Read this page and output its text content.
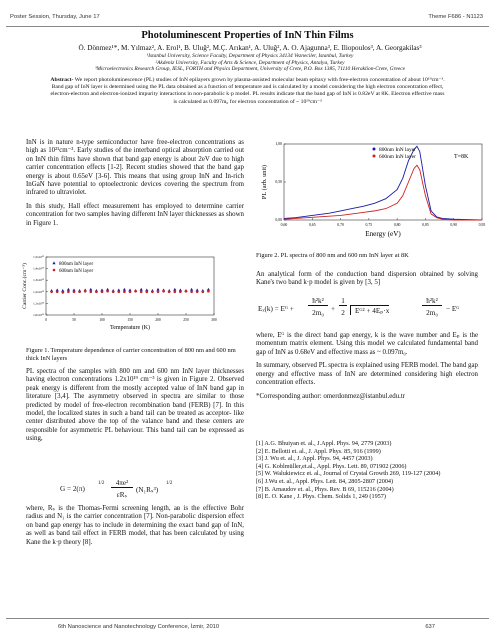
Poster Session, Thursday, June 17	Theme F686 - N1123
Photoluminescent Properties of InN Thin Films
Ö. Dönmez¹*, M. Yılmaz², A. Erol¹, B. Uluğ², M.Ç. Arıkan¹, A. Uluğ², A. O. Ajagunna³, E. Iliopoulos³, A. Georgakilas³
¹Istanbul University, Science Faculty, Department of Physics 34134 Vezneciler, Istanbul, Turkey
²Akdeniz University, Faculty of Arts & Science, Department of Physics, Antalya, Turkey
³Microelectronics Research Group, IESL, FORTH and Physics Department, University of Crete, P.O. Box 1385, 71110 Heraklion-Crete, Greece
Abstract- We report photoluminescence (PL) studies of InN epilayers grown by plasma-assisted molecular beam epitaxy with free-electron concentration of about 10¹⁹cm⁻³. Band gap of InN layer is determined using the PL data obtained as a function of temperature and is calculated by a model considering the high electron concentration effect, electron-electron and electron-ionized impurity interactions in non-parabolic k·p model. PL results indicate that the band gap of InN is 0.82eV at 8K. Electron effective mass is calculated as 0.097m₀ for electron concentration of ~ 10¹⁹cm⁻³

InN is in nature n-type semiconductor have free-electron concentrations as high as 10²¹cm⁻³. Early studies of the interband optical absorption carried out on InN thin films have shown that band gap energy is about 2eV due to high carrier concentration effects [1-2]. Recent studies showed that the band gap energy is about 0.65eV [3-6]. This means that using group InN and In-rich InGaN have potential to optoelectronic devices covering the spectrum from infrared to ultraviolet.

In this study, Hall effect measurement has employed to determine carrier concentration for two samples having different InN layer thicknesses as shown in Figure 1.

0	50	100	150	200	250	300
1,0x10¹⁹
1,1x10¹⁹
1,2x10¹⁹
1,3x10¹⁹
1,4x10¹⁹
1,5x10¹⁹
Temperature (K)
Carrier Conc.(cm⁻³)	800nm InN layer
600nm InN layer
Figure 1. Temperature dependence of carrier concentration of 800 nm and 600 nm thick InN layers

PL spectra of the samples with 800 nm and 600 nm InN layer thicknesses having electron concentrations 1.2x10¹⁹ cm⁻³ is given in Figure 2. Observed peak energy is different from the mostly accepted value of InN band gap in literature [3,4]. The asymmetry observed in spectra are similar to those predicted by model of free-electron recombination band (FERB) [7]. In this model, the localized states in such a band tail can be treated as acceptor- like center distributed above the top of the valance band and these centers are responsible for asymmetric PL behaviour. This band tail can be expressed as using,

G = 2(π)
1/2	4πe²
εRₛ
(N₁Rₛ³)
1/2

where, Rₛ is the Thomas-Fermi screening length, aʙ is the effective Bohr radius and N₁ is the carrier concentration [7]. Non-parabolic dispersion effect on band gap energy has to include in determining the exact band gap of InN, as well as band tail effect in FERB model, that has been calculated by using Kane the k·p theory [8].

0,60	0,65	0,70	0,75	0,80	0,85	0,90	0,95
0,00
0,50
1,00
Energy (eV)
PL (arb. unit)
T=8K
800nm InN layer
600nm InN layer
Figure 2. PL spectra of 800 nm and 600 nm InN layer at 8K

An analytical form of the conduction band dispersion obtained by solving Kane's two band k·p model is given by [3, 5]

Eₓ(k) = Eᴳ +
ħ²k²
2m₀ +
1
2	Eᴳ² + 4Eₚ·x
ħ²k²
2m₀	− Eᴳ

where, Eᴳ is the direct band gap energy, k is the wave number and Eₚ is the momentum matrix element. Using this model we calculated fundamental band gap of InN as 0.68eV and effective mass as ~ 0.097m₀.

In summary, observed PL spectra is explained using FERB model. The band gap energy and effective mass of InN are determined considering high electron concentration effects.

*Corresponding author: omerdonmez@istanbul.edu.tr

[1] A.G. Bhuiyan et. al., J.Appl. Phys. 94, 2779 (2003)
[2] E. Bellotti et. al., J. Appl. Phys. 85, 916 (1999)
[3] J. Wu et. al., J. Appl. Phys. 94, 4457 (2003)
[4] G. Koblmüller,et.al., Appl. Phys. Lett. 89, 071902 (2006)
[5] W. Walukiewicz et. al., Journal of Crystal Growth 269, 119-127 (2004)
[6] J.Wu et. al., Appl. Phys. Lett. 84, 2805-2807 (2004)
[7] B. Arnaudov et. al., Phys. Rev. B 69, 115216 (2004)
[8] E. O. Kane , J. Phys. Chem. Solids 1, 249 (1957)
6th Nanoscience and Nanotechnology Conference, İzmir, 2010	637
